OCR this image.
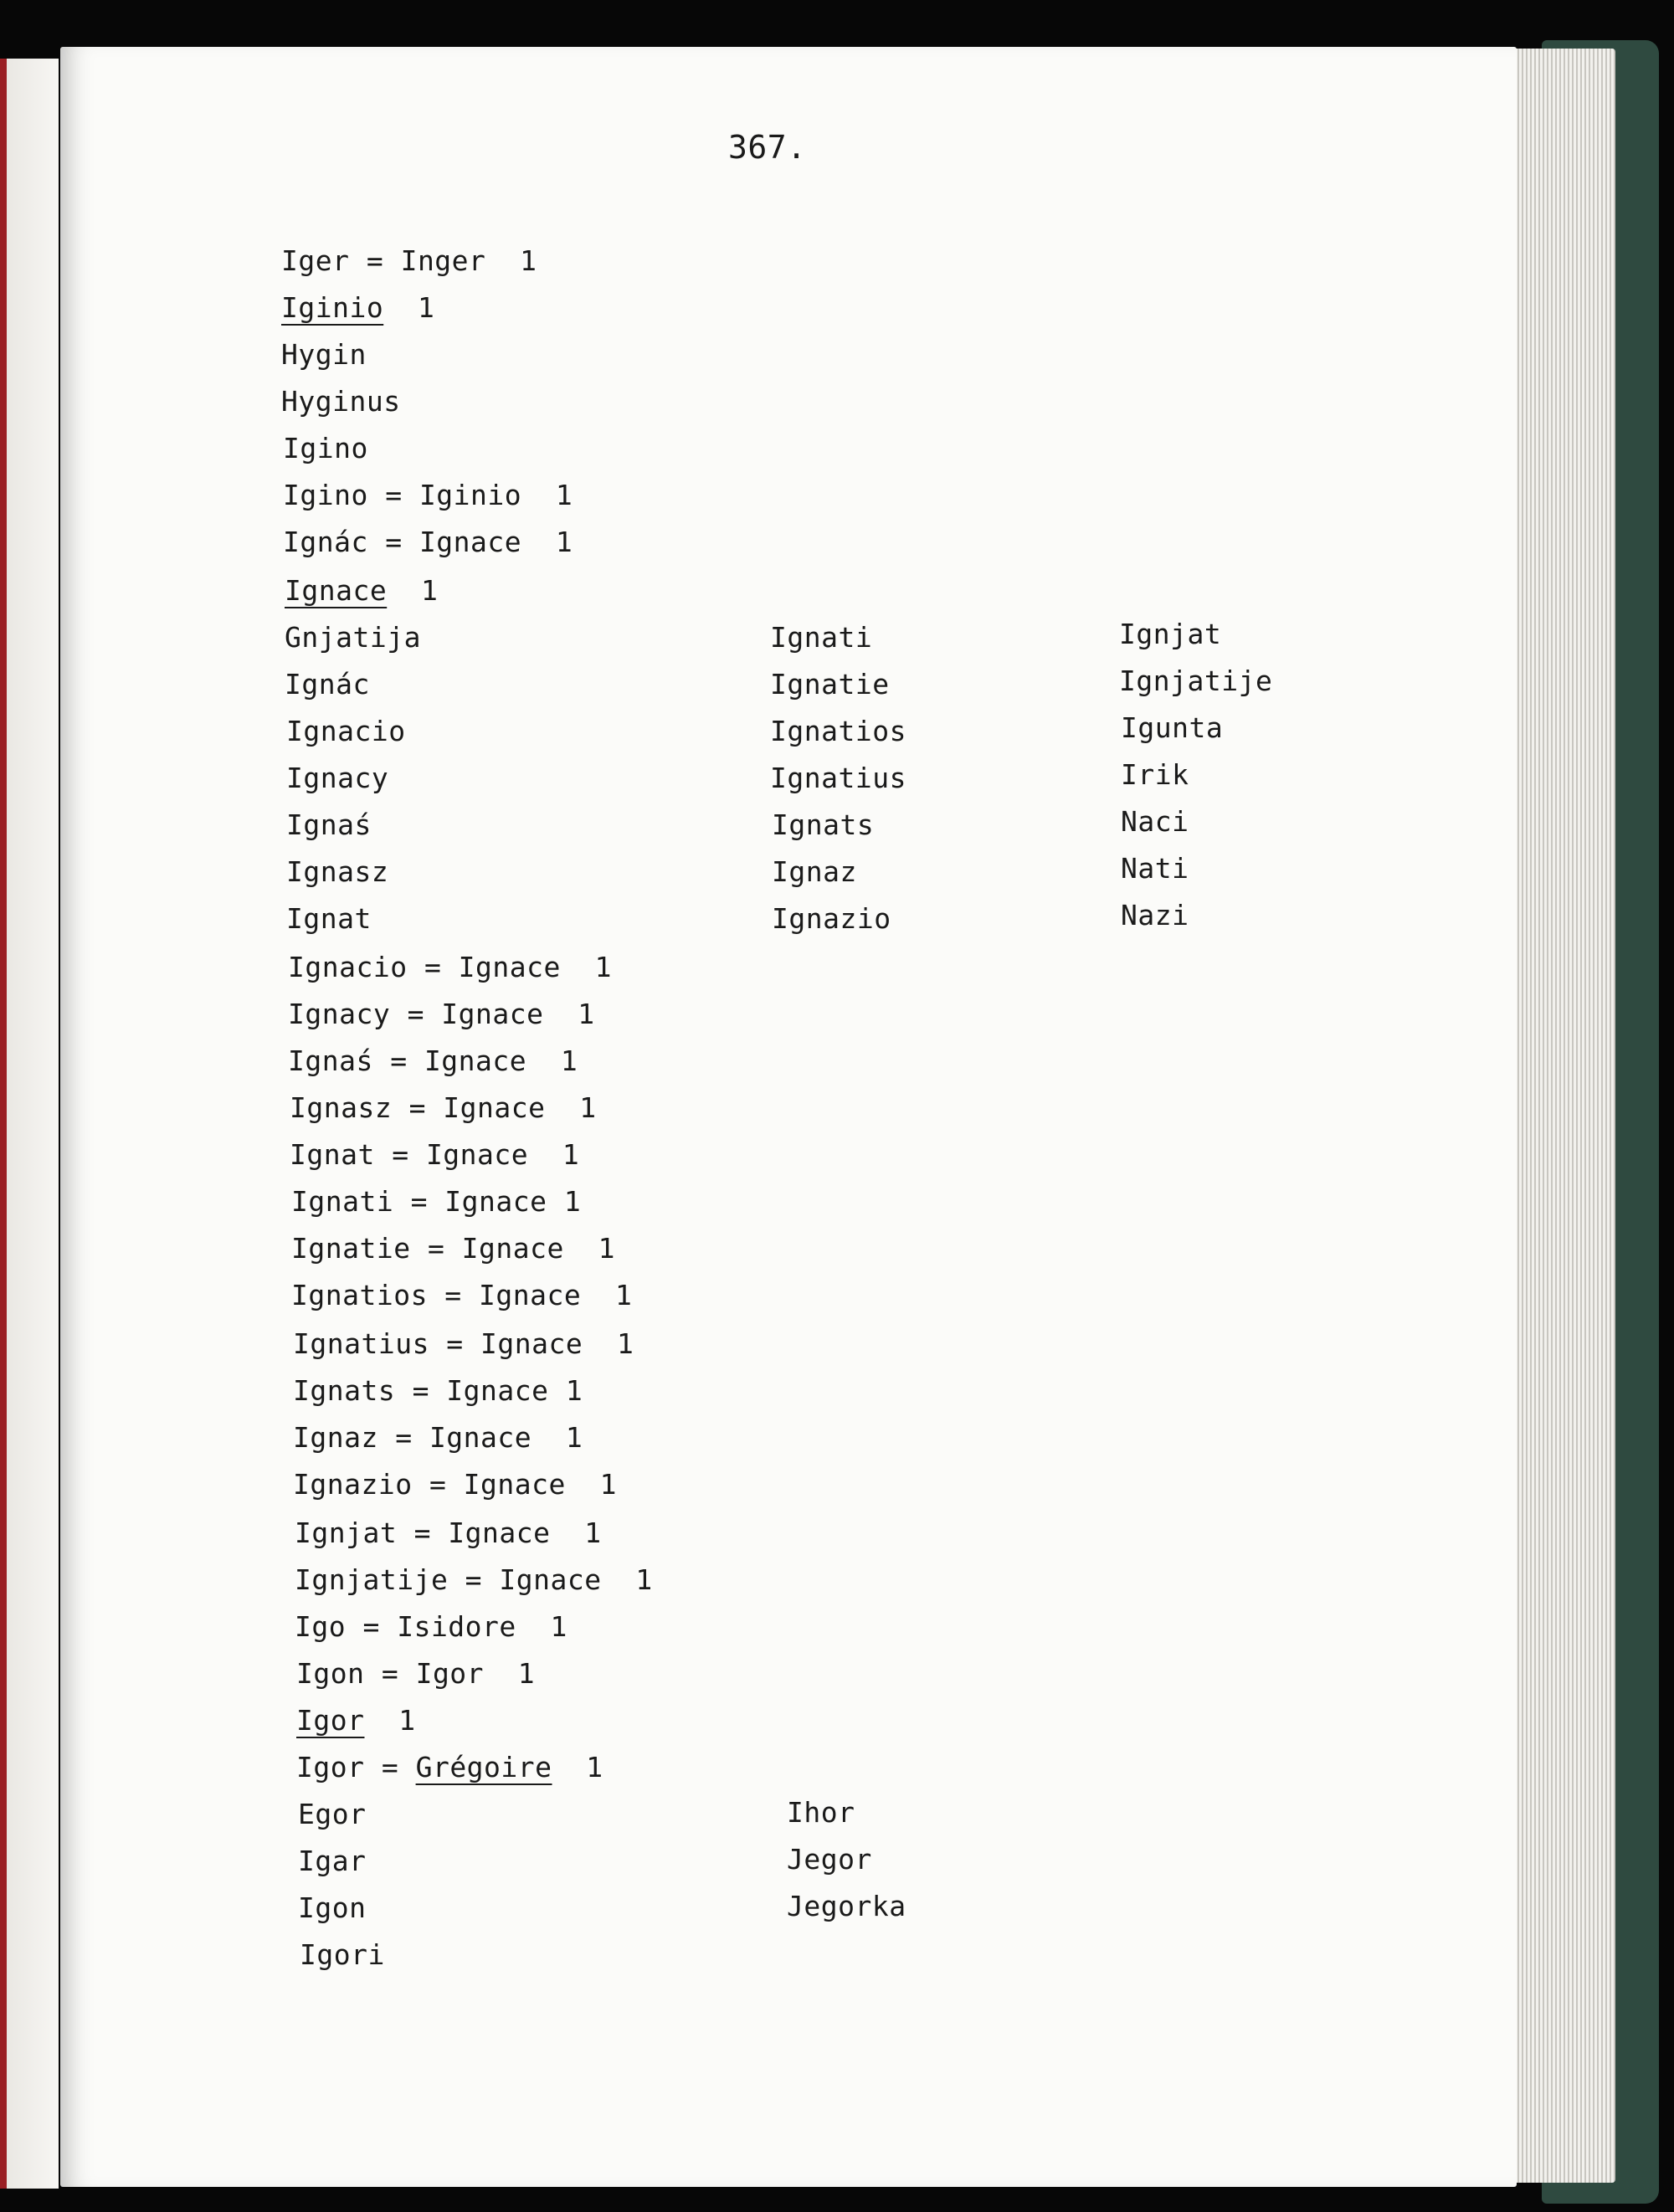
367.
Iger = Inger  1
Iginio  1
Hygin
Hyginus
Igino
Igino = Iginio  1
Ignác = Ignace  1
Ignace  1
Gnjatija
Ignác
Ignacio
Ignacy
Ignaś
Ignasz
Ignat
Ignacio = Ignace  1
Ignacy = Ignace  1
Ignaś = Ignace  1
Ignasz = Ignace  1
Ignat = Ignace  1
Ignati = Ignace 1
Ignatie = Ignace  1
Ignatios = Ignace  1
Ignatius = Ignace  1
Ignats = Ignace 1
Ignaz = Ignace  1
Ignazio = Ignace  1
Ignjat = Ignace  1
Ignjatije = Ignace  1
Igo = Isidore  1
Igon = Igor  1
Igor  1
Igor = Grégoire  1
Egor
Igar
Igon
Igori
Ignati
Ignatie
Ignatios
Ignatius
Ignats
Ignaz
Ignazio
Ignjat
Ignjatije
Igunta
Irik
Naci
Nati
Nazi
Ihor
Jegor
Jegorka
